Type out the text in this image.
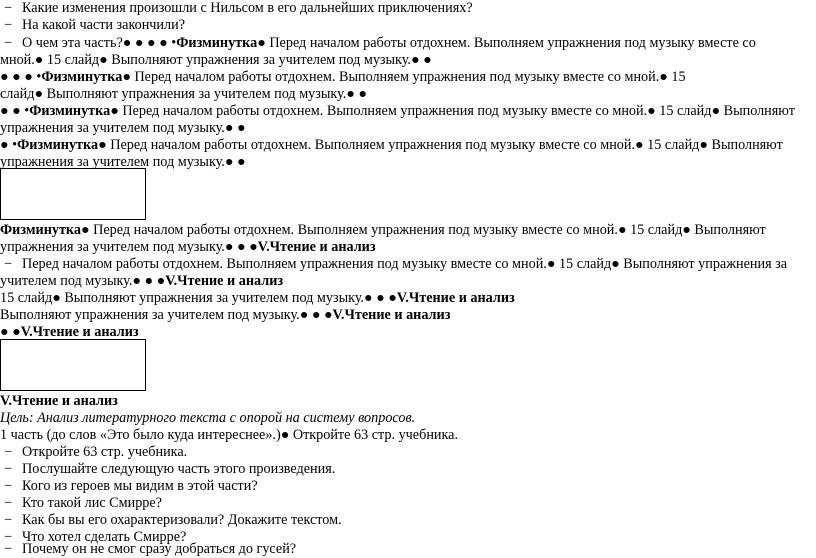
− Какие изменения произошли с Нильсом в его дальнейших приключениях?
− На какой части закончили?
− О чем эта часть?● ● ● ● •Физминутка● Перед началом работы отдохнем. Выполняем упражнения под музыку вместе со
мной.● 15 слайд● Выполняют упражнения за учителем под музыку.● ●
● ● ● •Физминутка● Перед началом работы отдохнем. Выполняем упражнения под музыку вместе со мной.● 15
слайд● Выполняют упражнения за учителем под музыку.● ●
● ● •Физминутка● Перед началом работы отдохнем. Выполняем упражнения под музыку вместе со мной.● 15 слайд● Выполняют
упражнения за учителем под музыку.● ●
● •Физминутка● Перед началом работы отдохнем. Выполняем упражнения под музыку вместе со мной.● 15 слайд● Выполняют
упражнения за учителем под музыку.● ●
Физминутка● Перед началом работы отдохнем. Выполняем упражнения под музыку вместе со мной.● 15 слайд● Выполняют
упражнения за учителем под музыку.● ● ●V.Чтение и анализ
− Перед началом работы отдохнем. Выполняем упражнения под музыку вместе со мной.● 15 слайд● Выполняют упражнения за
учителем под музыку.● ● ●V.Чтение и анализ
15 слайд● Выполняют упражнения за учителем под музыку.● ● ●V.Чтение и анализ
Выполняют упражнения за учителем под музыку.● ● ●V.Чтение и анализ
● ●V.Чтение и анализ
V.Чтение и анализ
Цель: Анализ литературного текста с опорой на систему вопросов.
1 часть (до слов «Это было куда интереснее».)● Откройте 63 стр. учебника.
− Откройте 63 стр. учебника.
− Послушайте следующую часть этого произведения.
− Кого из героев мы видим в этой части?
− Кто такой лис Смирре?
− Как бы вы его охарактеризовали? Докажите текстом.
− Что хотел сделать Смирре?
− Почему он не смог сразу добраться до гусей?
